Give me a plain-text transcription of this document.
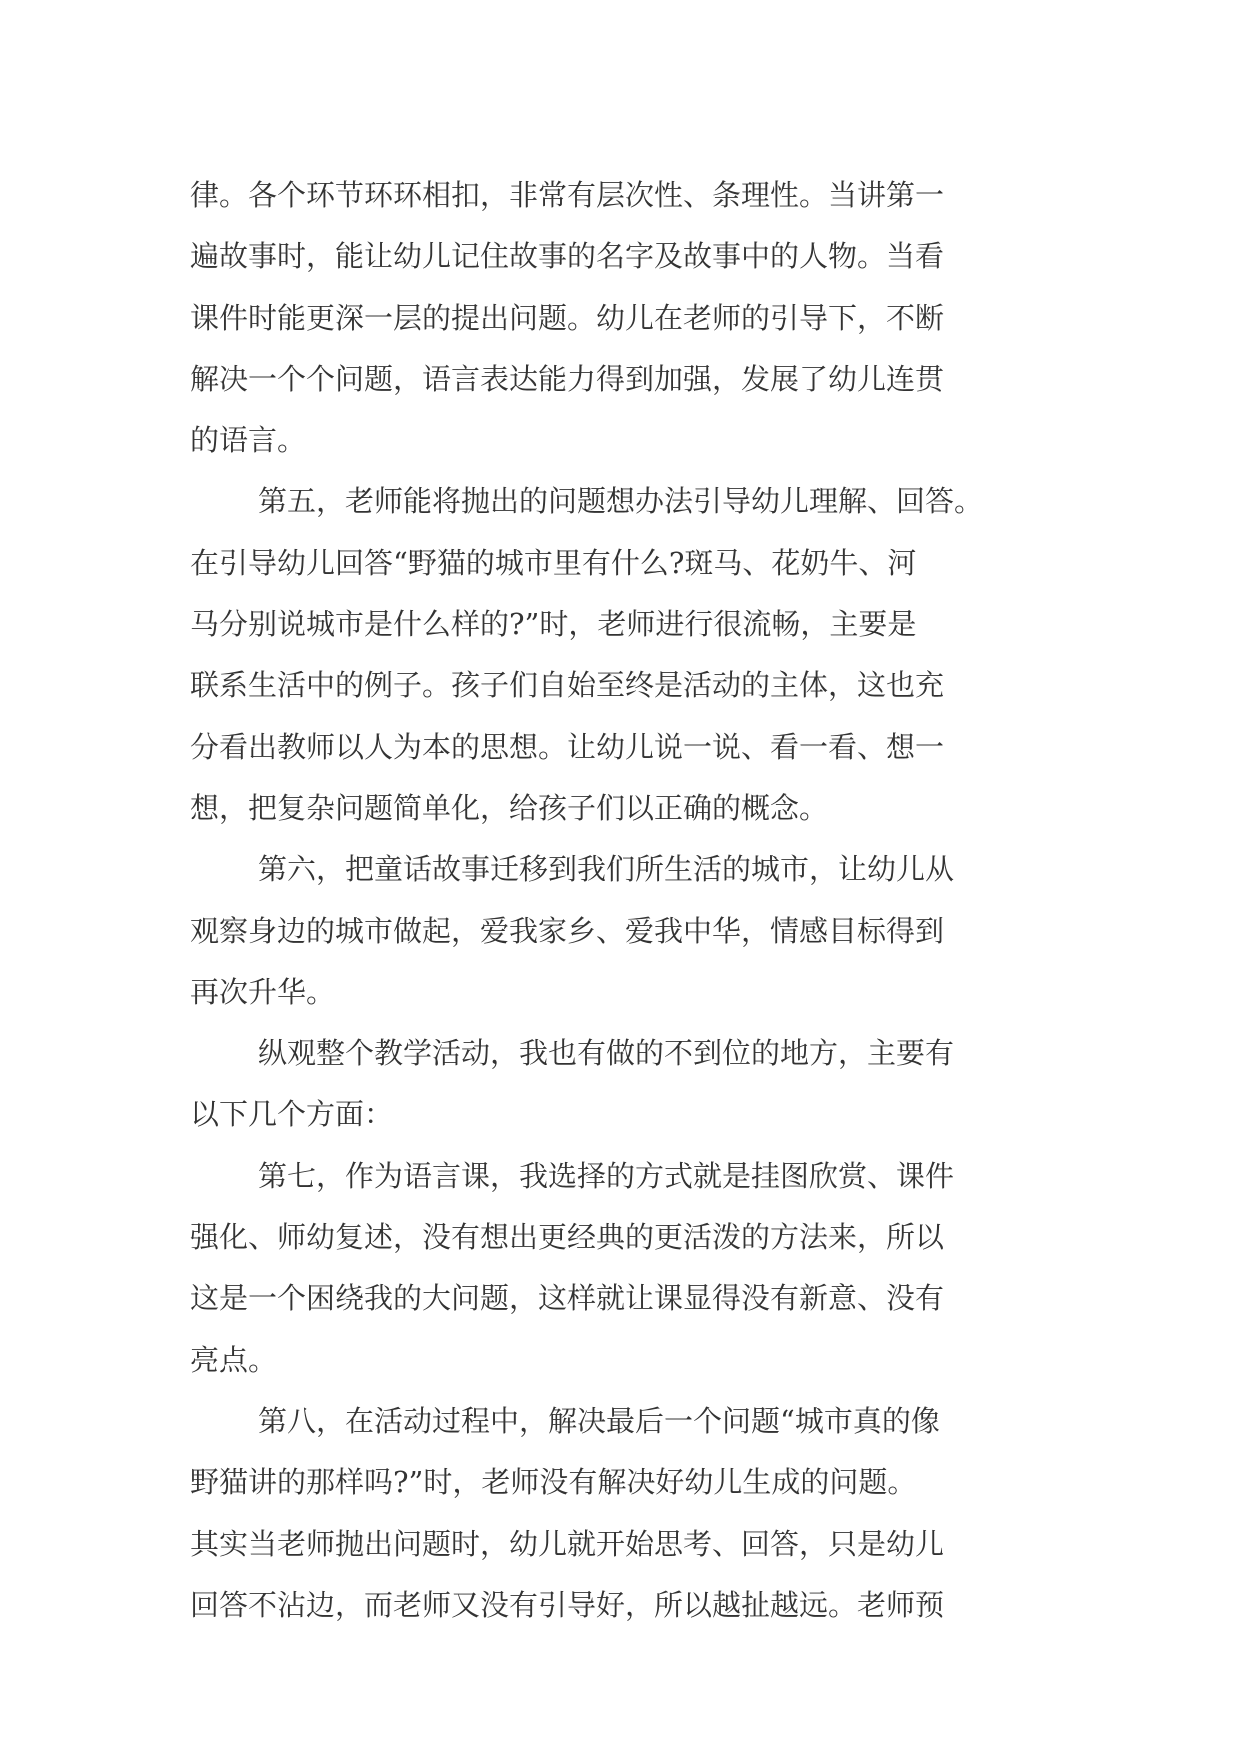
律。各个环节环环相扣，非常有层次性、条理性。当讲第一
遍故事时，能让幼儿记住故事的名字及故事中的人物。当看
课件时能更深一层的提出问题。幼儿在老师的引导下，不断
解决一个个问题，语言表达能力得到加强，发展了幼儿连贯
的语言。
第五，老师能将抛出的问题想办法引导幼儿理解、回答。
在引导幼儿回答“野猫的城市里有什么?斑马、花奶牛、河
马分别说城市是什么样的?”时，老师进行很流畅，主要是
联系生活中的例子。孩子们自始至终是活动的主体，这也充
分看出教师以人为本的思想。让幼儿说一说、看一看、想一
想，把复杂问题简单化，给孩子们以正确的概念。
第六，把童话故事迁移到我们所生活的城市，让幼儿从
观察身边的城市做起，爱我家乡、爱我中华，情感目标得到
再次升华。
纵观整个教学活动，我也有做的不到位的地方，主要有
以下几个方面：
第七，作为语言课，我选择的方式就是挂图欣赏、课件
强化、师幼复述，没有想出更经典的更活泼的方法来，所以
这是一个困绕我的大问题，这样就让课显得没有新意、没有
亮点。
第八，在活动过程中，解决最后一个问题“城市真的像
野猫讲的那样吗?”时，老师没有解决好幼儿生成的问题。
其实当老师抛出问题时，幼儿就开始思考、回答，只是幼儿
回答不沾边，而老师又没有引导好，所以越扯越远。老师预
